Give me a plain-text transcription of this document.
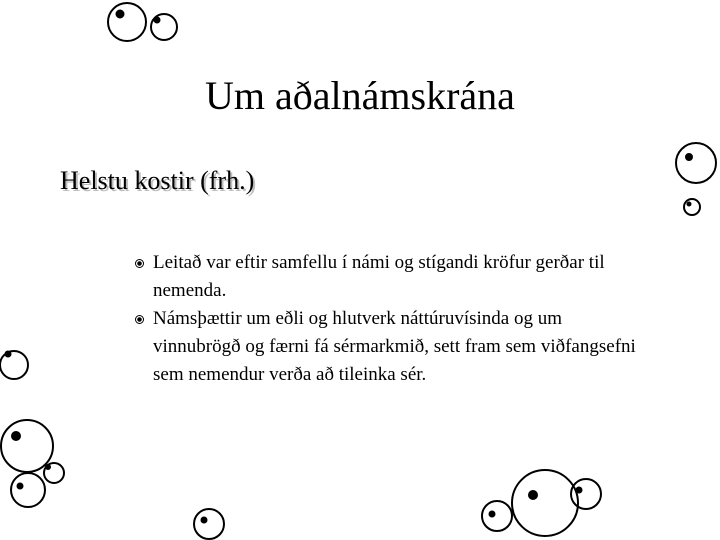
Um aðalnámskrána
Helstu kostir (frh.)
Leitað var eftir samfellu í námi og stígandi kröfur gerðar til nemenda.
Námsþættir um eðli og hlutverk náttúruvísinda og um vinnubrögð og færni fá sérmarkmið, sett fram sem viðfangsefni sem nemendur verða að tileinka sér.
